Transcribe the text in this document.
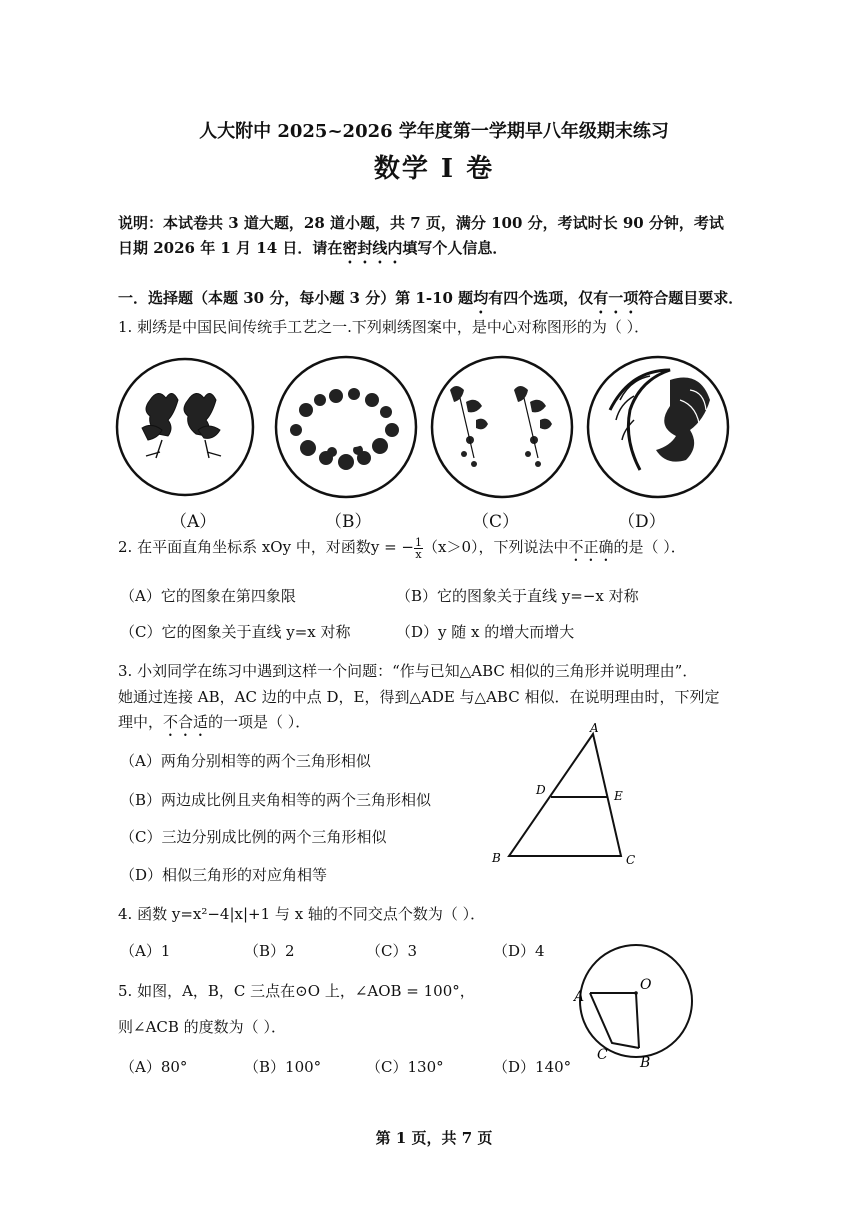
人大附中 2025~2026 学年度第一学期早八年级期末练习
数学 I 卷
说明：本试卷共 3 道大题，28 道小题，共 7 页，满分 100 分，考试时长 90 分钟，考试
日期 2026 年 1 月 14 日．请在密封线内填写个人信息．
一．选择题（本题 30 分，每小题 3 分）第 1-10 题均有四个选项，仅有一项符合题目要求．
1. 刺绣是中国民间传统手工艺之一.下列刺绣图案中，是中心对称图形的为（ ）．
（A）	（B）	（C）	（D）
2. 在平面直角坐标系 xOy 中，对函数y = − $\frac{1}{x} (x>0)$，下列说法中不正确的是（ ）．
（A）它的图象在第四象限	（B）它的图象关于直线 y=−x 对称
（C）它的图象关于直线 y=x 对称	（D）y 随 x 的增大而增大
3. 小刘同学在练习中遇到这样一个问题：“作与已知△ABC 相似的三角形并说明理由”．
她通过连接 AB，AC 边的中点 D，E，得到△ADE 与△ABC 相似．在说明理由时，下列定
理中，不合适的一项是（ ）．
（A）两角分别相等的两个三角形相似
（B）两边成比例且夹角相等的两个三角形相似
（C）三边分别成比例的两个三角形相似
（D）相似三角形的对应角相等
A
D	E
B	C
4. 函数 y=x²−4|x|+1 与 x 轴的不同交点个数为（ ）．
（A）1	（B）2	（C）3	（D）4
5. 如图，A，B，C 三点在⊙O 上，∠AOB = 100°，
则∠ACB 的度数为（ ）．
（A）80°	（B）100°	（C）130°	（D）140°
A
O
B
C
第 1 页，共 7 页
